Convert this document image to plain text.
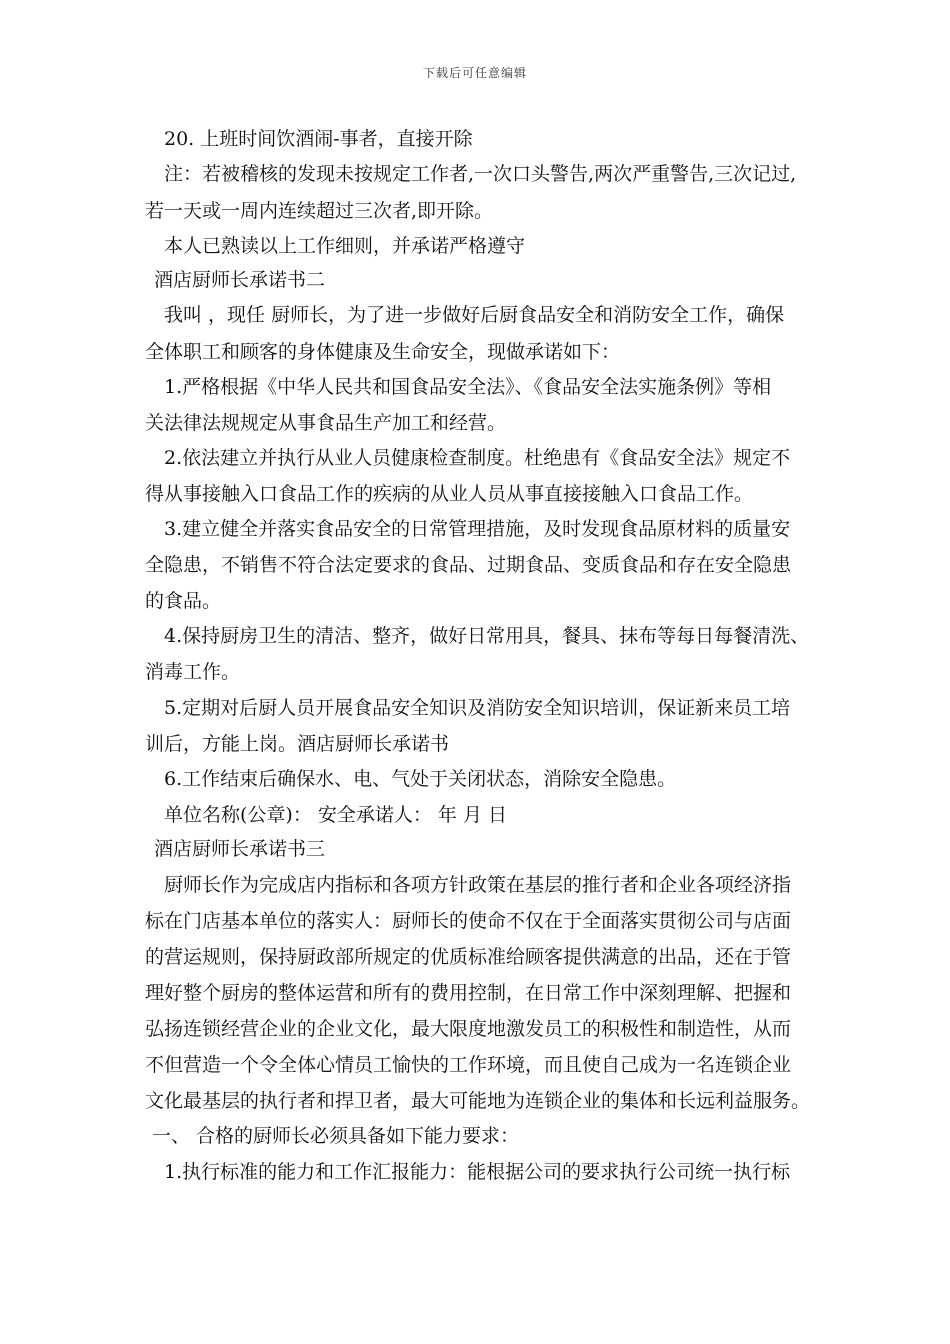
下载后可任意编辑
20. 上班时间饮酒闹-事者，直接开除
注：若被稽核的发现未按规定工作者,一次口头警告,两次严重警告,三次记过,
若一天或一周内连续超过三次者,即开除。
本人已熟读以上工作细则，并承诺严格遵守
酒店厨师长承诺书二
我叫 ，现任 厨师长，为了进一步做好后厨食品安全和消防安全工作，确保
全体职工和顾客的身体健康及生命安全，现做承诺如下：
1.严格根据《中华人民共和国食品安全法》、《食品安全法实施条例》等相
关法律法规规定从事食品生产加工和经营。
2.依法建立并执行从业人员健康检查制度。杜绝患有《食品安全法》规定不
得从事接触入口食品工作的疾病的从业人员从事直接接触入口食品工作。
3.建立健全并落实食品安全的日常管理措施，及时发现食品原材料的质量安
全隐患，不销售不符合法定要求的食品、过期食品、变质食品和存在安全隐患
的食品。
4.保持厨房卫生的清洁、整齐，做好日常用具，餐具、抹布等每日每餐清洗、
消毒工作。
5.定期对后厨人员开展食品安全知识及消防安全知识培训，保证新来员工培
训后，方能上岗。酒店厨师长承诺书
6.工作结束后确保水、电、气处于关闭状态，消除安全隐患。
单位名称(公章)： 安全承诺人： 年 月 日
酒店厨师长承诺书三
厨师长作为完成店内指标和各项方针政策在基层的推行者和企业各项经济指
标在门店基本单位的落实人：厨师长的使命不仅在于全面落实贯彻公司与店面
的营运规则，保持厨政部所规定的优质标准给顾客提供满意的出品，还在于管
理好整个厨房的整体运营和所有的费用控制，在日常工作中深刻理解、把握和
弘扬连锁经营企业的企业文化，最大限度地激发员工的积极性和制造性，从而
不但营造一个令全体心情员工愉快的工作环境，而且使自己成为一名连锁企业
文化最基层的执行者和捍卫者，最大可能地为连锁企业的集体和长远利益服务。
一、 合格的厨师长必须具备如下能力要求：
1.执行标准的能力和工作汇报能力：能根据公司的要求执行公司统一执行标
